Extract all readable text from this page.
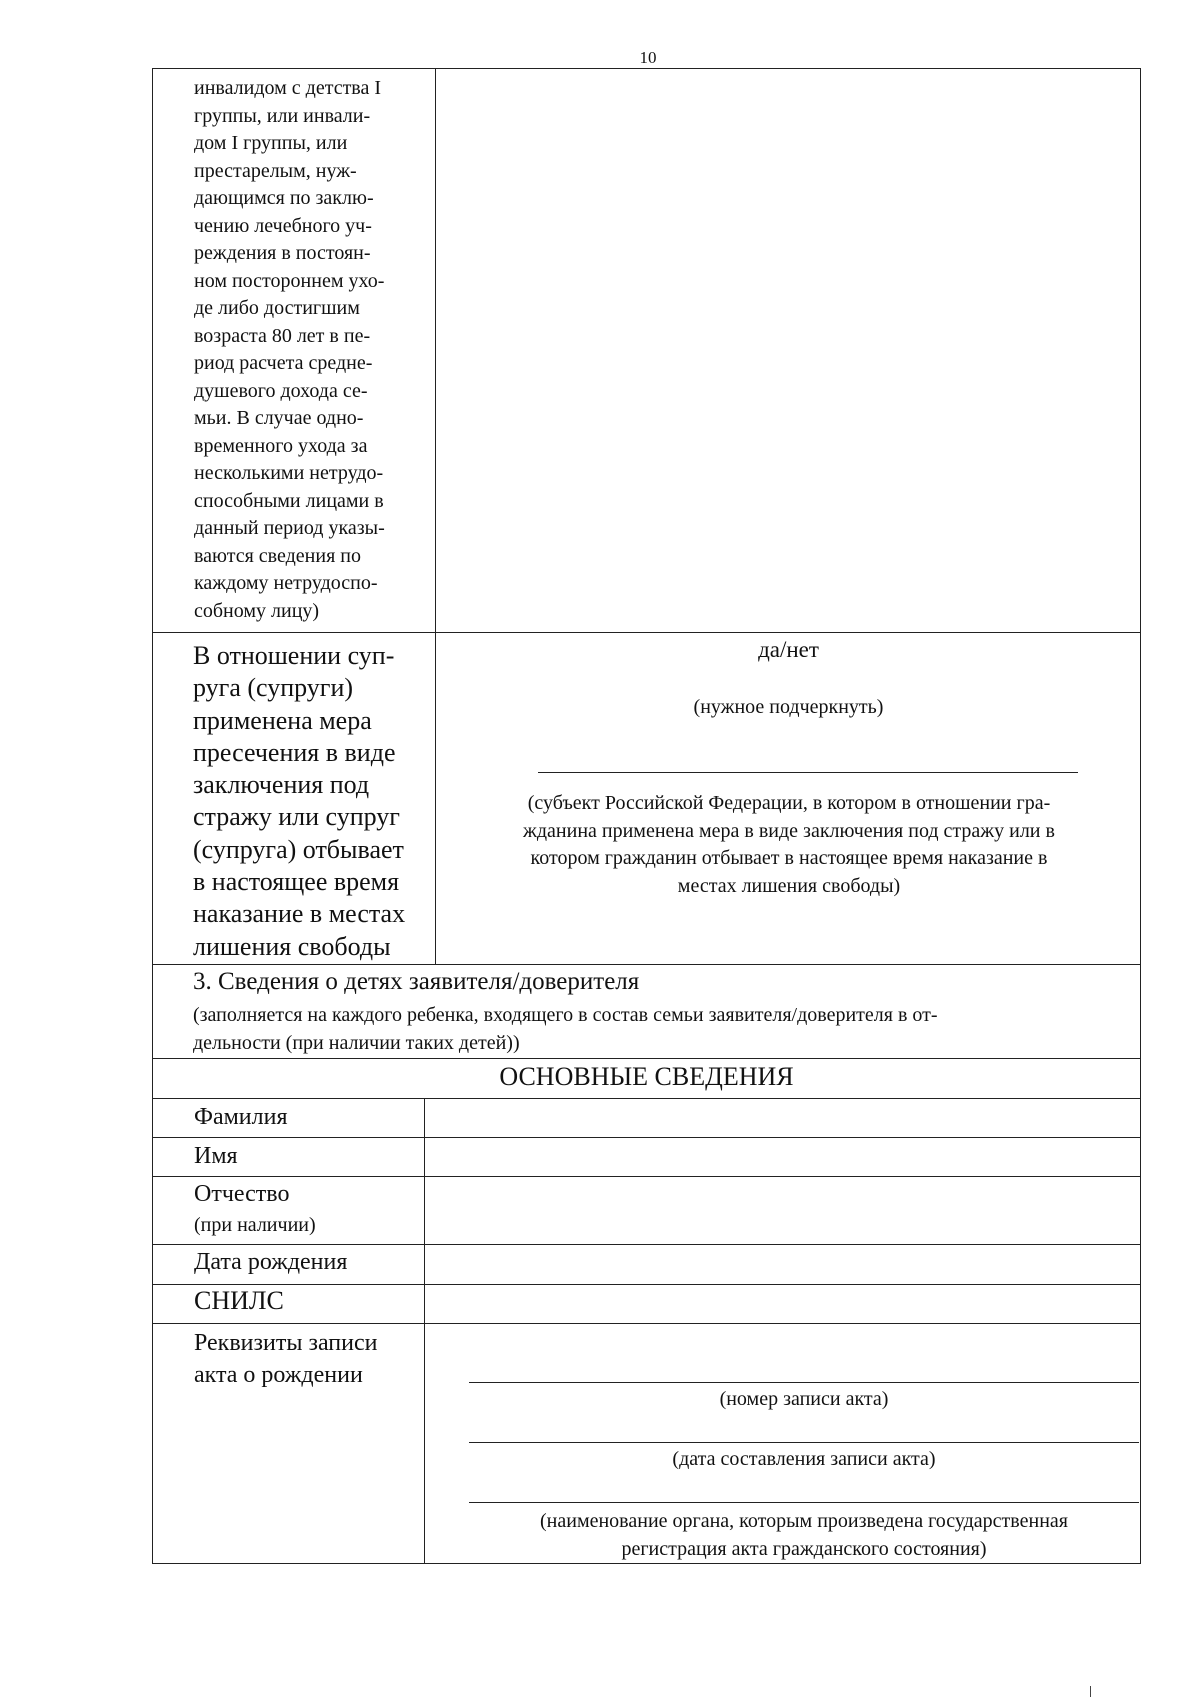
10
инвалидом с детства I
группы, или инвали-
дом I группы, или
престарелым, нуж-
дающимся по заклю-
чению лечебного уч-
реждения в постоян-
ном постороннем ухо-
де либо достигшим
возраста 80 лет в пе-
риод расчета средне-
душевого дохода се-
мьи. В случае одно-
временного ухода за
несколькими нетрудо-
способными лицами в
данный период указы-
ваются сведения по
каждому нетрудоспо-
собному лицу)
В отношении суп-
руга (супруги)
применена мера
пресечения в виде
заключения под
стражу или супруг
(супруга) отбывает
в настоящее время
наказание в местах
лишения свободы
да/нет
(нужное подчеркнуть)
(субъект Российской Федерации, в котором в отношении гра-
жданина применена мера в виде заключения под стражу или в
котором гражданин отбывает в настоящее время наказание в
местах лишения свободы)
3. Сведения о детях заявителя/доверителя
(заполняется на каждого ребенка, входящего в состав семьи заявителя/доверителя в от-
дельности (при наличии таких детей))
ОСНОВНЫЕ СВЕДЕНИЯ
Фамилия
Имя
Отчество
(при наличии)
Дата рождения
СНИЛС
Реквизиты записи
акта о рождении
(номер записи акта)
(дата составления записи акта)
(наименование органа, которым произведена государственная
регистрация акта гражданского состояния)
